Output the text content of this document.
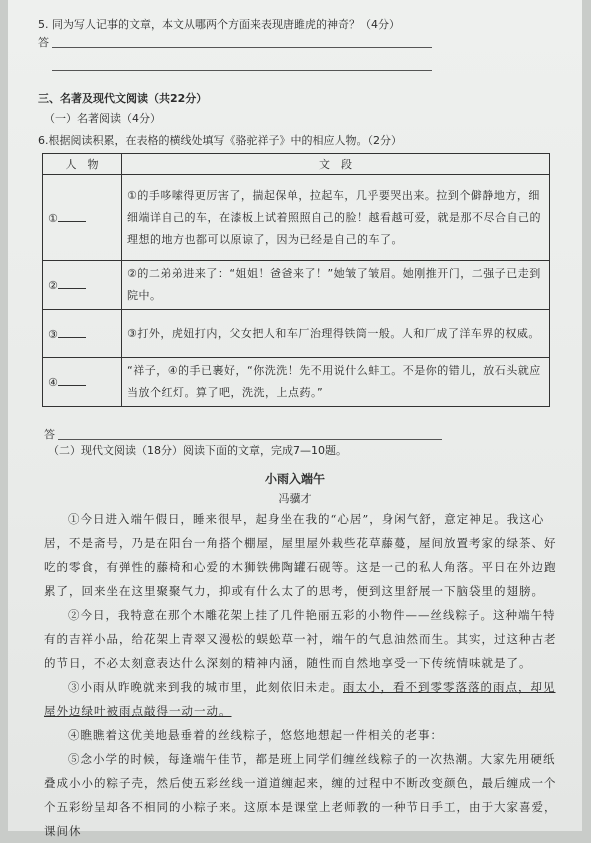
5. 同为写人记事的文章，本文从哪两个方面来表现唐雎虎的神奇？（4分）
答
三、名著及现代文阅读（共22分）
（一）名著阅读（4分）
6.根据阅读积累，在表格的横线处填写《骆驼祥子》中的相应人物。（2分）
人　物	文　段
①	①的手哆嗦得更厉害了，揣起保单，拉起车，几乎要哭出来。拉到个僻静地方，细细端详自己的车，在漆板上试着照照自己的脸！越看越可爱，就是那不尽合自己的理想的地方也都可以原谅了，因为已经是自己的车了。
②	②的二弟弟进来了：“姐姐！爸爸来了！”她皱了皱眉。她刚推开门，二强子已走到院中。
③	③打外，虎妞打内，父女把人和车厂治理得铁筒一般。人和厂成了洋车界的权威。
④	“祥子，④的手已裹好，“你洗洗！先不用说什么蚌工。不是你的错儿，放石头就应当放个红灯。算了吧，洗洗，上点药。”
答
（二）现代文阅读（18分）阅读下面的文章，完成7—10题。
小雨入端午
冯骥才

①今日进入端午假日，睡来很早，起身坐在我的“心居”，身闲气舒，意定神足。我这心居，不是斋号，乃是在阳台一角搭个棚屋，屋里屋外栽些花草藤蔓，屋间放置考家的绿茶、好吃的零食，有弹性的藤椅和心爱的木狮铁佛陶罐石砚等。这是一己的私人角落。平日在外边跑累了，回来坐在这里聚聚气力，抑或有什么太了的思考，便到这里舒展一下脑袋里的翅膀。

②今日，我特意在那个木雕花架上挂了几件艳丽五彩的小物件——丝线粽子。这种端午特有的吉祥小品，给花架上青翠又漫松的蜈蚣草一衬，端午的气息油然而生。其实，过这种古老的节日，不必太刻意表达什么深刻的精神内涵，随性而自然地享受一下传统情味就是了。

③小雨从昨晚就来到我的城市里，此刻依旧未走。雨太小，看不到零零落落的雨点，却见屋外边绿叶被雨点敲得一动一动。

④瞧瞧着这优美地悬垂着的丝线粽子，悠悠地想起一件相关的老事：

⑤念小学的时候，每逢端午佳节，都是班上同学们缠丝线粽子的一次热潮。大家先用硬纸叠成小小的粽子壳，然后使五彩丝线一道道缠起来，缠的过程中不断改变颜色，最后缠成一个个五彩纷呈却各不相同的小粽子来。这原本是课堂上老师教的一种节日手工，由于大家喜爱，课间休
